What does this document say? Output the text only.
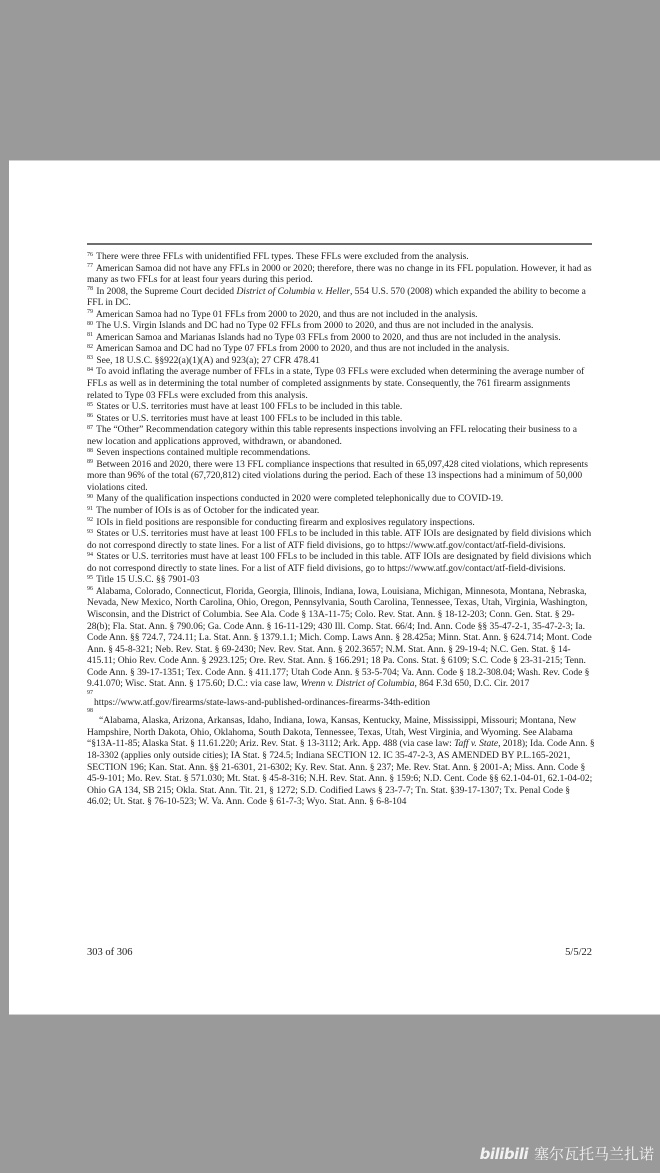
$^{76}$ There were three FFLs with unidentified FFL types. These FFLs were excluded from the analysis.

$^{77}$ American Samoa did not have any FFLs in 2000 or 2020; therefore, there was no change in its FFL population. However, it had as many as two FFLs for at least four years during this period.

$^{78}$ In 2008, the Supreme Court decided District of Columbia v. Heller, 554 U.S. 570 (2008) which expanded the ability to become a FFL in DC.

$^{79}$ American Samoa had no Type 01 FFLs from 2000 to 2020, and thus are not included in the analysis.

$^{80}$ The U.S. Virgin Islands and DC had no Type 02 FFLs from 2000 to 2020, and thus are not included in the analysis.

$^{81}$ American Samoa and Marianas Islands had no Type 03 FFLs from 2000 to 2020, and thus are not included in the analysis.

$^{82}$ American Samoa and DC had no Type 07 FFLs from 2000 to 2020, and thus are not included in the analysis.

$^{83}$ See, 18 U.S.C. §§922(a)(1)(A) and 923(a); 27 CFR 478.41

$^{84}$ To avoid inflating the average number of FFLs in a state, Type 03 FFLs were excluded when determining the average number of FFLs as well as in determining the total number of completed assignments by state. Consequently, the 761 firearm assignments related to Type 03 FFLs were excluded from this analysis.

$^{85}$ States or U.S. territories must have at least 100 FFLs to be included in this table.

$^{86}$ States or U.S. territories must have at least 100 FFLs to be included in this table.

$^{87}$ The “Other” Recommendation category within this table represents inspections involving an FFL relocating their business to a new location and applications approved, withdrawn, or abandoned.

$^{88}$ Seven inspections contained multiple recommendations.

$^{89}$ Between 2016 and 2020, there were 13 FFL compliance inspections that resulted in 65,097,428 cited violations, which represents more than 96% of the total (67,720,812) cited violations during the period. Each of these 13 inspections had a minimum of 50,000 violations cited.

$^{90}$ Many of the qualification inspections conducted in 2020 were completed telephonically due to COVID-19.

$^{91}$ The number of IOIs is as of October for the indicated year.

$^{92}$ IOIs in field positions are responsible for conducting firearm and explosives regulatory inspections.

$^{93}$ States or U.S. territories must have at least 100 FFLs to be included in this table. ATF IOIs are designated by field divisions which do not correspond directly to state lines. For a list of ATF field divisions, go to https://www.atf.gov/contact/atf-field-divisions.

$^{94}$ States or U.S. territories must have at least 100 FFLs to be included in this table. ATF IOIs are designated by field divisions which do not correspond directly to state lines. For a list of ATF field divisions, go to https://www.atf.gov/contact/atf-field-divisions.

$^{95}$ Title 15 U.S.C. §§ 7901-03

$^{96}$ Alabama, Colorado, Connecticut, Florida, Georgia, Illinois, Indiana, Iowa, Louisiana, Michigan, Minnesota, Montana, Nebraska, Nevada, New Mexico, North Carolina, Ohio, Oregon, Pennsylvania, South Carolina, Tennessee, Texas, Utah, Virginia, Washington, Wisconsin, and the District of Columbia. See Ala. Code § 13A-11-75; Colo. Rev. Stat. Ann. § 18-12-203; Conn. Gen. Stat. § 29-28(b); Fla. Stat. Ann. § 790.06; Ga. Code Ann. § 16-11-129; 430 Ill. Comp. Stat. 66/4; Ind. Ann. Code §§ 35-47-2-1, 35-47-2-3; Ia. Code Ann. §§ 724.7, 724.11; La. Stat. Ann. § 1379.1.1; Mich. Comp. Laws Ann. § 28.425a; Minn. Stat. Ann. § 624.714; Mont. Code Ann. § 45-8-321; Neb. Rev. Stat. § 69-2430; Nev. Rev. Stat. Ann. § 202.3657; N.M. Stat. Ann. § 29-19-4; N.C. Gen. Stat. § 14-415.11; Ohio Rev. Code Ann. § 2923.125; Ore. Rev. Stat. Ann. § 166.291; 18 Pa. Cons. Stat. § 6109; S.C. Code § 23-31-215; Tenn. Code Ann. § 39-17-1351; Tex. Code Ann. § 411.177; Utah Code Ann. § 53-5-704; Va. Ann. Code § 18.2-308.04; Wash. Rev. Code § 9.41.070; Wisc. Stat. Ann. § 175.60; D.C.: via case law, Wrenn v. District of Columbia, 864 F.3d 650, D.C. Cir. 2017

97
https://www.atf.gov/firearms/state-laws-and-published-ordinances-firearms-34th-edition
98
“Alabama, Alaska, Arizona, Arkansas, Idaho, Indiana, Iowa, Kansas, Kentucky, Maine, Mississippi, Missouri; Montana, New Hampshire, North Dakota, Ohio, Oklahoma, South Dakota, Tennessee, Texas, Utah, West Virginia, and Wyoming. See Alabama “§13A-11-85; Alaska Stat. § 11.61.220; Ariz. Rev. Stat. § 13-3112; Ark. App. 488 (via case law: Taff v. State, 2018); Ida. Code Ann. § 18-3302 (applies only outside cities); IA Stat. § 724.5; Indiana SECTION 12. IC 35-47-2-3, AS AMENDED BY P.L.165-2021, SECTION 196; Kan. Stat. Ann. §§ 21-6301, 21-6302; Ky. Rev. Stat. Ann. § 237; Me. Rev. Stat. Ann. § 2001-A; Miss. Ann. Code § 45-9-101; Mo. Rev. Stat. § 571.030; Mt. Stat. § 45-8-316; N.H. Rev. Stat. Ann. § 159:6; N.D. Cent. Code §§ 62.1-04-01, 62.1-04-02; Ohio GA 134, SB 215; Okla. Stat. Ann. Tit. 21, § 1272; S.D. Codified Laws § 23-7-7; Tn. Stat. §39-17-1307; Tx. Penal Code § 46.02; Ut. Stat. § 76-10-523; W. Va. Ann. Code § 61-7-3; Wyo. Stat. Ann. § 6-8-104
303 of 306	5/5/22
bilibili 塞尔瓦托马兰扎诺
